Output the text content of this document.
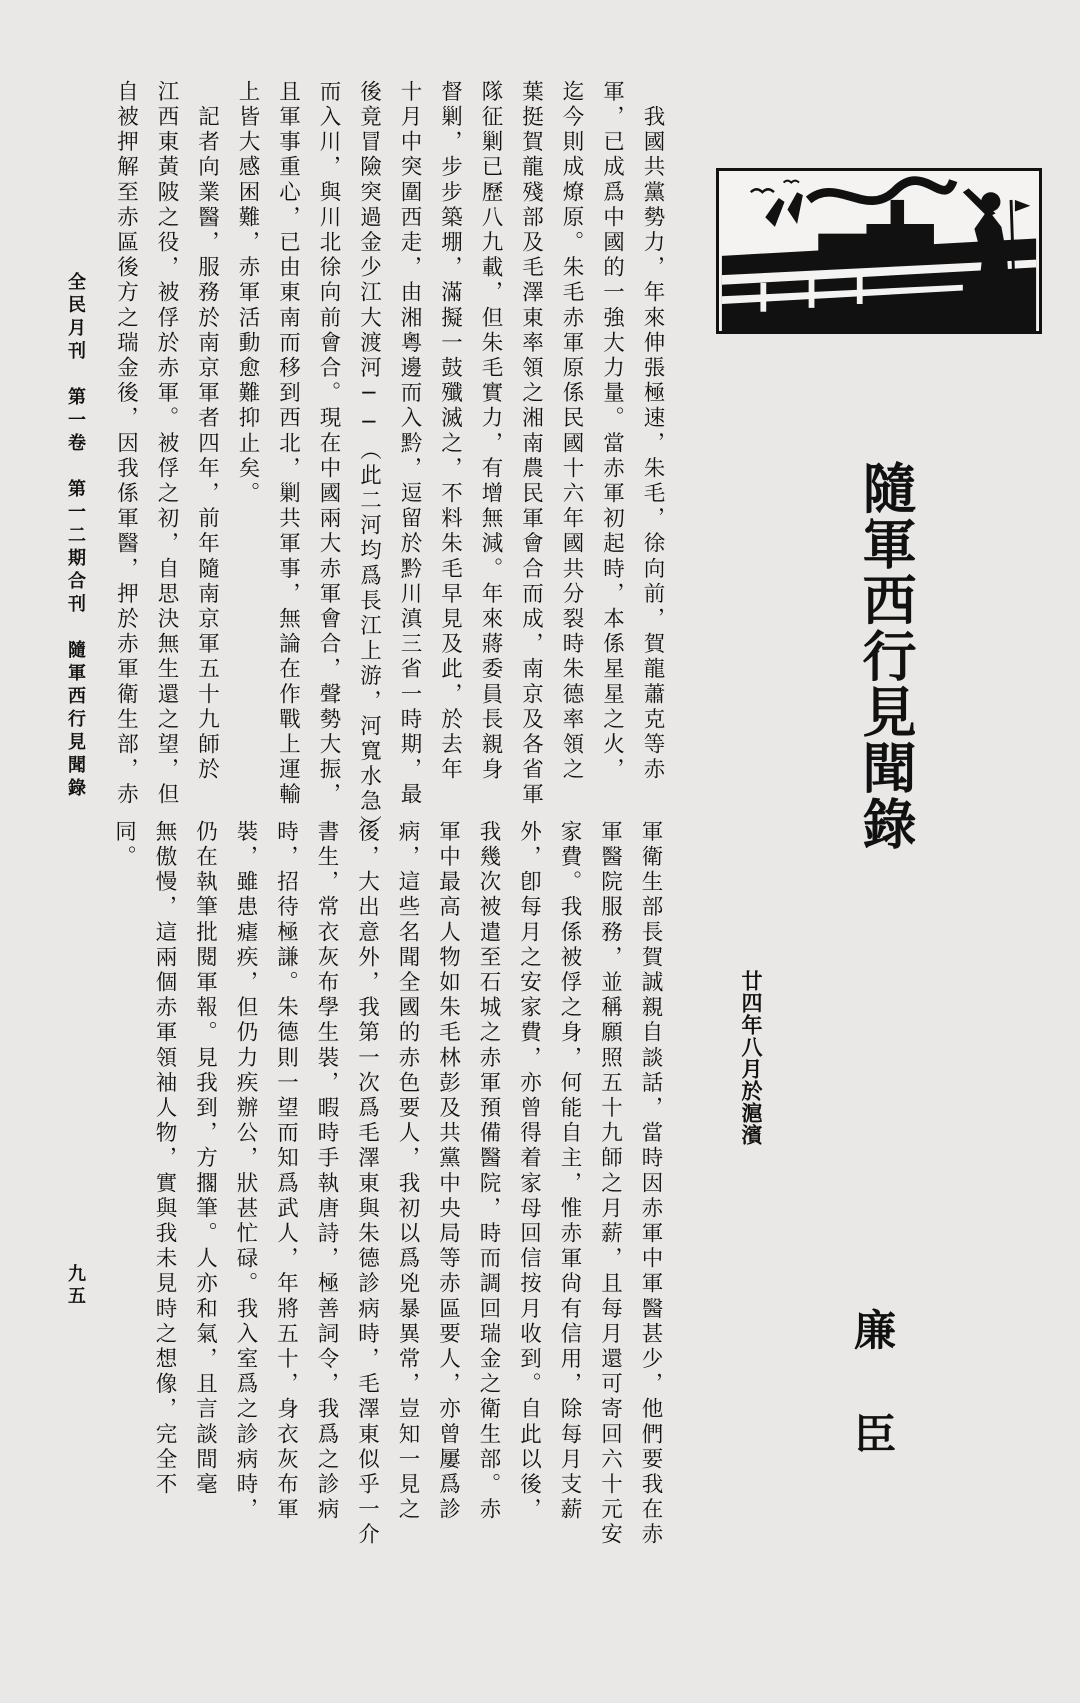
隨軍西行見聞錄
廿四年八月於滬濱
廉
臣
　我國共黨勢力，年來伸張極速，朱毛，徐向前，賀龍蕭克等赤
軍，已成爲中國的一強大力量。當赤軍初起時，本係星星之火，
迄今則成燎原。朱毛赤軍原係民國十六年國共分裂時朱德率領之
葉挺賀龍殘部及毛澤東率領之湘南農民軍會合而成，南京及各省軍
隊征剿已歷八九載，但朱毛實力，有增無減。年來蔣委員長親身
督剿，步步築堋，滿擬一鼓殲滅之，不料朱毛早見及此，於去年
十月中突圍西走，由湘粵邊而入黔，逗留於黔川滇三省一時期，最
後竟冒險突過金少江大渡河──（此二河均爲長江上游，河寬水急）
而入川，與川北徐向前會合。現在中國兩大赤軍會合，聲勢大振，
且軍事重心，已由東南而移到西北，剿共軍事，無論在作戰上運輸
上皆大感困難，赤軍活動愈難抑止矣。
　記者向業醫，服務於南京軍者四年，前年隨南京軍五十九師於
江西東黃陂之役，被俘於赤軍。被俘之初，自思決無生還之望，但
自被押解至赤區後方之瑞金後，因我係軍醫，押於赤軍衛生部，赤
軍衛生部長賀誠親自談話，當時因赤軍中軍醫甚少，他們要我在赤
軍醫院服務，並稱願照五十九師之月薪，且每月還可寄回六十元安
家費。我係被俘之身，何能自主，惟赤軍尙有信用，除每月支薪
外，卽每月之安家費，亦曾得着家母回信按月收到。自此以後，
我幾次被遣至石城之赤軍預備醫院，時而調回瑞金之衛生部。赤
軍中最高人物如朱毛林彭及共黨中央局等赤區要人，亦曾屢爲診
病，這些名聞全國的赤色要人，我初以爲兇暴異常，豈知一見之
後，大出意外，我第一次爲毛澤東與朱德診病時，毛澤東似乎一介
書生，常衣灰布學生裝，暇時手執唐詩，極善詞令，我爲之診病
時，招待極謙。朱德則一望而知爲武人，年將五十，身衣灰布軍
裝，雖患瘧疾，但仍力疾辦公，狀甚忙碌。我入室爲之診病時，
仍在執筆批閱軍報。見我到，方擱筆。人亦和氣，且言談間毫
無傲慢，這兩個赤軍領袖人物，實與我未見時之想像，完全不
同。
全民月刊　第一卷　第一二期合刊　隨軍西行見聞錄
九五
